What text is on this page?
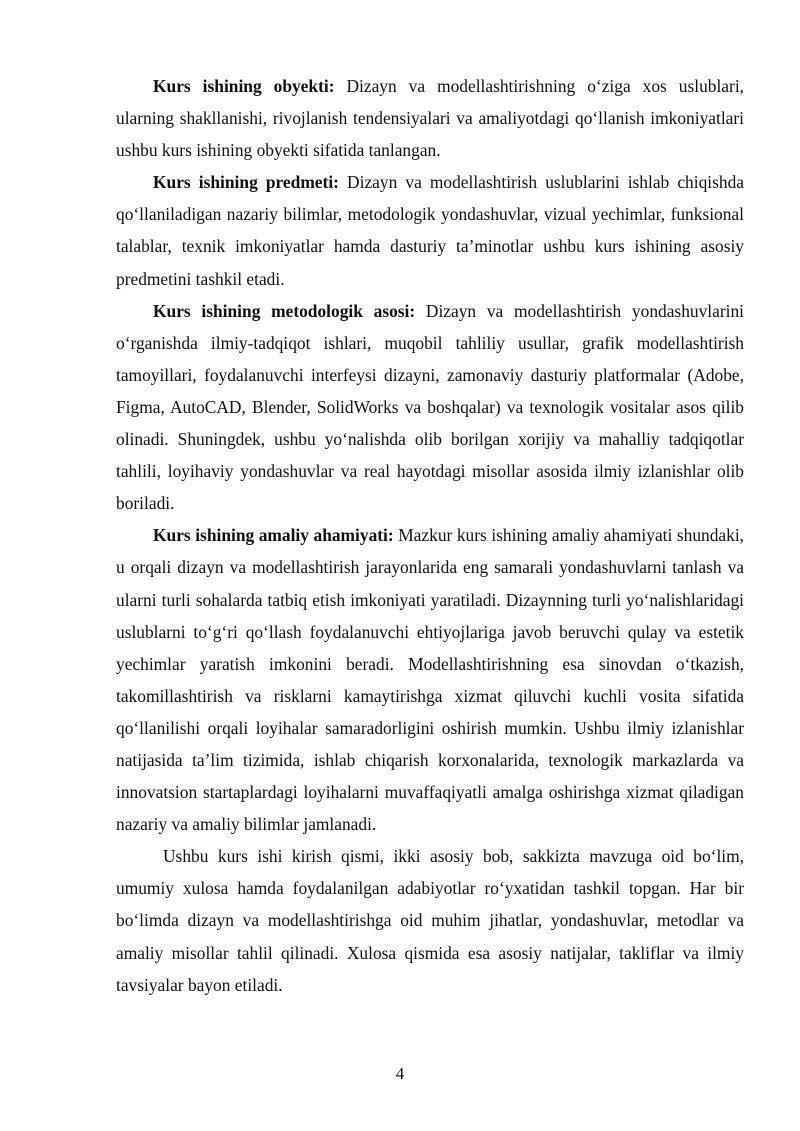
Kurs ishining obyekti: Dizayn va modellashtirishning o‘ziga xos uslublari, ularning shakllanishi, rivojlanish tendensiyalari va amaliyotdagi qo‘llanish imkoniyatlari ushbu kurs ishining obyekti sifatida tanlangan.

Kurs ishining predmeti: Dizayn va modellashtirish uslublarini ishlab chiqishda qo‘llaniladigan nazariy bilimlar, metodologik yondashuvlar, vizual yechimlar, funksional talablar, texnik imkoniyatlar hamda dasturiy ta’minotlar ushbu kurs ishining asosiy predmetini tashkil etadi.

Kurs ishining metodologik asosi: Dizayn va modellashtirish yondashuvlarini o‘rganishda ilmiy-tadqiqot ishlari, muqobil tahliliy usullar, grafik modellashtirish tamoyillari, foydalanuvchi interfeysi dizayni, zamonaviy dasturiy platformalar (Adobe, Figma, AutoCAD, Blender, SolidWorks va boshqalar) va texnologik vositalar asos qilib olinadi. Shuningdek, ushbu yo‘nalishda olib borilgan xorijiy va mahalliy tadqiqotlar tahlili, loyihaviy yondashuvlar va real hayotdagi misollar asosida ilmiy izlanishlar olib boriladi.

Kurs ishining amaliy ahamiyati: Mazkur kurs ishining amaliy ahamiyati shundaki, u orqali dizayn va modellashtirish jarayonlarida eng samarali yondashuvlarni tanlash va ularni turli sohalarda tatbiq etish imkoniyati yaratiladi. Dizaynning turli yo‘nalishlaridagi uslublarni to‘g‘ri qo‘llash foydalanuvchi ehtiyojlariga javob beruvchi qulay va estetik yechimlar yaratish imkonini beradi. Modellashtirishning esa sinovdan o‘tkazish, takomillashtirish va risklarni kamaytirishga xizmat qiluvchi kuchli vosita sifatida qo‘llanilishi orqali loyihalar samaradorligini oshirish mumkin. Ushbu ilmiy izlanishlar natijasida ta’lim tizimida, ishlab chiqarish korxonalarida, texnologik markazlarda va innovatsion startaplardagi loyihalarni muvaffaqiyatli amalga oshirishga xizmat qiladigan nazariy va amaliy bilimlar jamlanadi.

Ushbu kurs ishi kirish qismi, ikki asosiy bob, sakkizta mavzuga oid bo‘lim, umumiy xulosa hamda foydalanilgan adabiyotlar ro‘yxatidan tashkil topgan. Har bir bo‘limda dizayn va modellashtirishga oid muhim jihatlar, yondashuvlar, metodlar va amaliy misollar tahlil qilinadi. Xulosa qismida esa asosiy natijalar, takliflar va ilmiy tavsiyalar bayon etiladi.

4
